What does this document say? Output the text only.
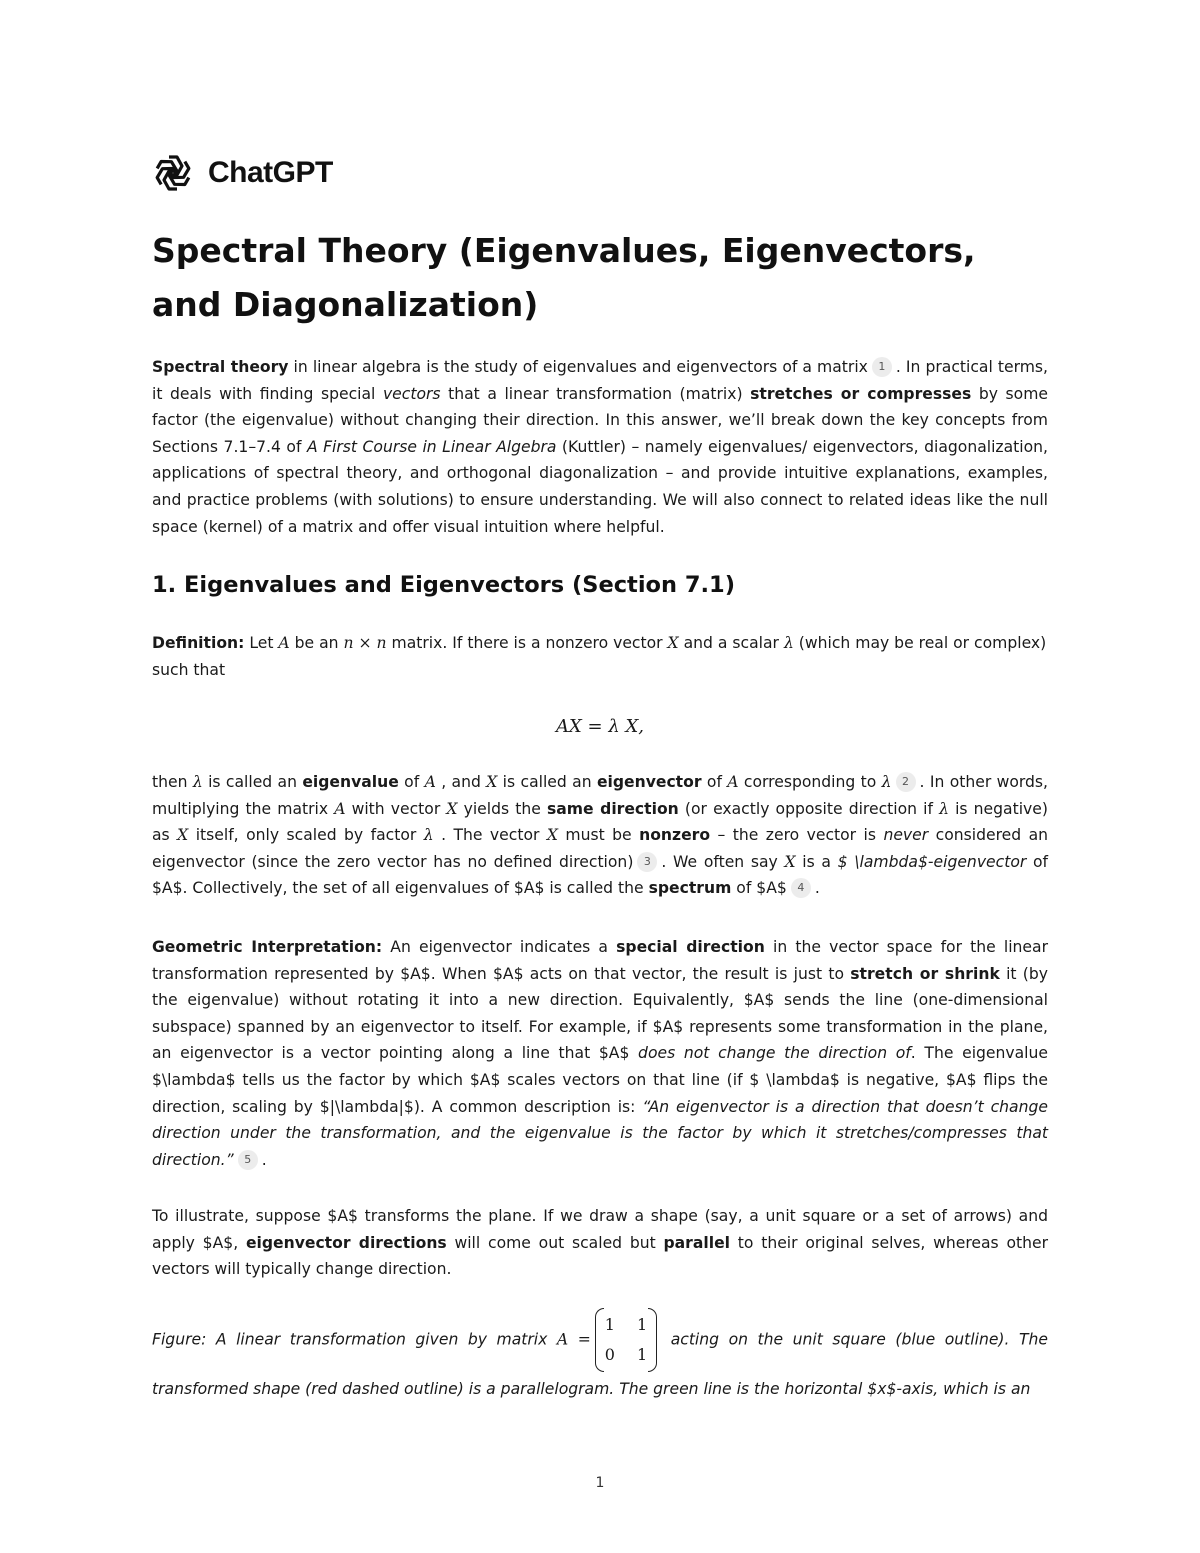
ChatGPT
Spectral Theory (Eigenvalues, Eigenvectors, and Diagonalization)
Spectral theory in linear algebra is the study of eigenvalues and eigenvectors of a matrix 1 . In practical terms, it deals with finding special vectors that a linear transformation (matrix) stretches or compresses by some factor (the eigenvalue) without changing their direction. In this answer, we’ll break down the key concepts from Sections 7.1–7.4 of A First Course in Linear Algebra (Kuttler) – namely eigenvalues/ eigenvectors, diagonalization, applications of spectral theory, and orthogonal diagonalization – and provide intuitive explanations, examples, and practice problems (with solutions) to ensure understanding. We will also connect to related ideas like the null space (kernel) of a matrix and offer visual intuition where helpful.
1. Eigenvalues and Eigenvectors (Section 7.1)
Definition: Let A be an n × n matrix. If there is a nonzero vector X and a scalar λ (which may be real or complex) such that
AX = λ X,
then λ is called an eigenvalue of A , and X is called an eigenvector of A corresponding to λ 2 . In other words, multiplying the matrix A with vector X yields the same direction (or exactly opposite direction if λ is negative) as X itself, only scaled by factor λ . The vector X must be nonzero – the zero vector is never considered an eigenvector (since the zero vector has no defined direction) 3 . We often say X is a $ \lambda$-eigenvector of $A$. Collectively, the set of all eigenvalues of $A$ is called the spectrum of $A$ 4 .
Geometric Interpretation: An eigenvector indicates a special direction in the vector space for the linear transformation represented by $A$. When $A$ acts on that vector, the result is just to stretch or shrink it (by the eigenvalue) without rotating it into a new direction. Equivalently, $A$ sends the line (one-dimensional subspace) spanned by an eigenvector to itself. For example, if $A$ represents some transformation in the plane, an eigenvector is a vector pointing along a line that $A$ does not change the direction of. The eigenvalue $\lambda$ tells us the factor by which $A$ scales vectors on that line (if $ \lambda$ is negative, $A$ flips the direction, scaling by $|\lambda|$). A common description is: “An eigenvector is a direction that doesn’t change direction under the transformation, and the eigenvalue is the factor by which it stretches/compresses that direction.” 5 .
To illustrate, suppose $A$ transforms the plane. If we draw a shape (say, a unit square or a set of arrows) and apply $A$, eigenvector directions will come out scaled but parallel to their original selves, whereas other vectors will typically change direction.
Figure: A linear transformation given by matrix A =
1 1
0 1
acting on the unit square (blue outline). The transformed shape (red dashed outline) is a parallelogram. The green line is the horizontal $x$-axis, which is an
1
